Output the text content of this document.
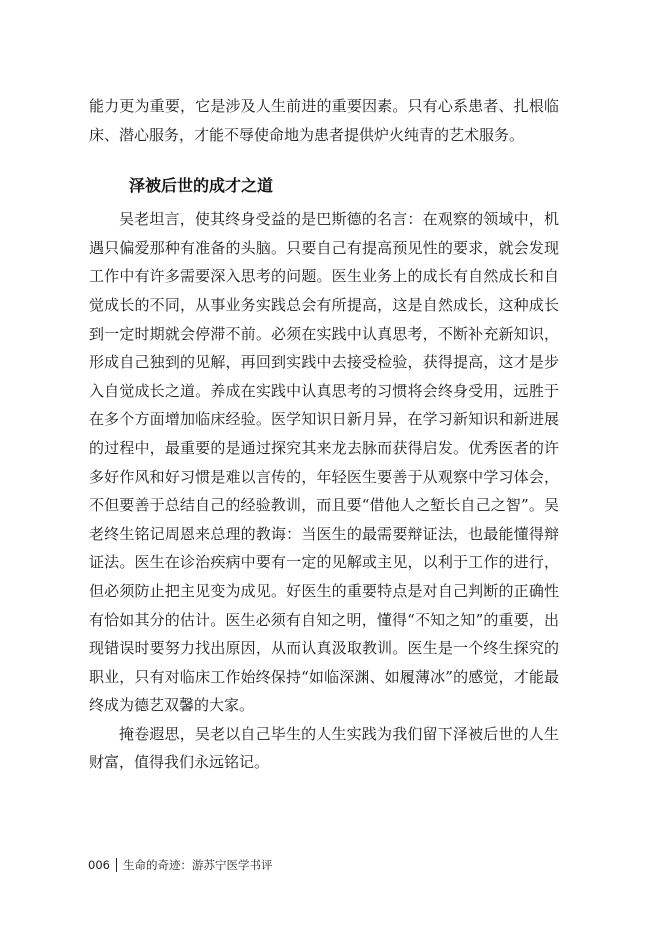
能力更为重要，它是涉及人生前进的重要因素。只有心系患者、扎根临床、潜心服务，才能不辱使命地为患者提供炉火纯青的艺术服务。

泽被后世的成才之道

吴老坦言，使其终身受益的是巴斯德的名言：在观察的领域中，机遇只偏爱那种有准备的头脑。只要自己有提高预见性的要求，就会发现工作中有许多需要深入思考的问题。医生业务上的成长有自然成长和自觉成长的不同，从事业务实践总会有所提高，这是自然成长，这种成长到一定时期就会停滞不前。必须在实践中认真思考，不断补充新知识，形成自己独到的见解，再回到实践中去接受检验，获得提高，这才是步入自觉成长之道。养成在实践中认真思考的习惯将会终身受用，远胜于在多个方面增加临床经验。医学知识日新月异，在学习新知识和新进展的过程中，最重要的是通过探究其来龙去脉而获得启发。优秀医者的许多好作风和好习惯是难以言传的，年轻医生要善于从观察中学习体会，不但要善于总结自己的经验教训，而且要“借他人之堑长自己之智”。吴老终生铭记周恩来总理的教诲：当医生的最需要辩证法，也最能懂得辩证法。医生在诊治疾病中要有一定的见解或主见，以利于工作的进行，但必须防止把主见变为成见。好医生的重要特点是对自己判断的正确性有恰如其分的估计。医生必须有自知之明，懂得“不知之知”的重要，出现错误时要努力找出原因，从而认真汲取教训。医生是一个终生探究的职业，只有对临床工作始终保持“如临深渊、如履薄冰”的感觉，才能最终成为德艺双馨的大家。

掩卷遐思，吴老以自己毕生的人生实践为我们留下泽被后世的人生财富，值得我们永远铭记。

006 生命的奇迹：游苏宁医学书评
